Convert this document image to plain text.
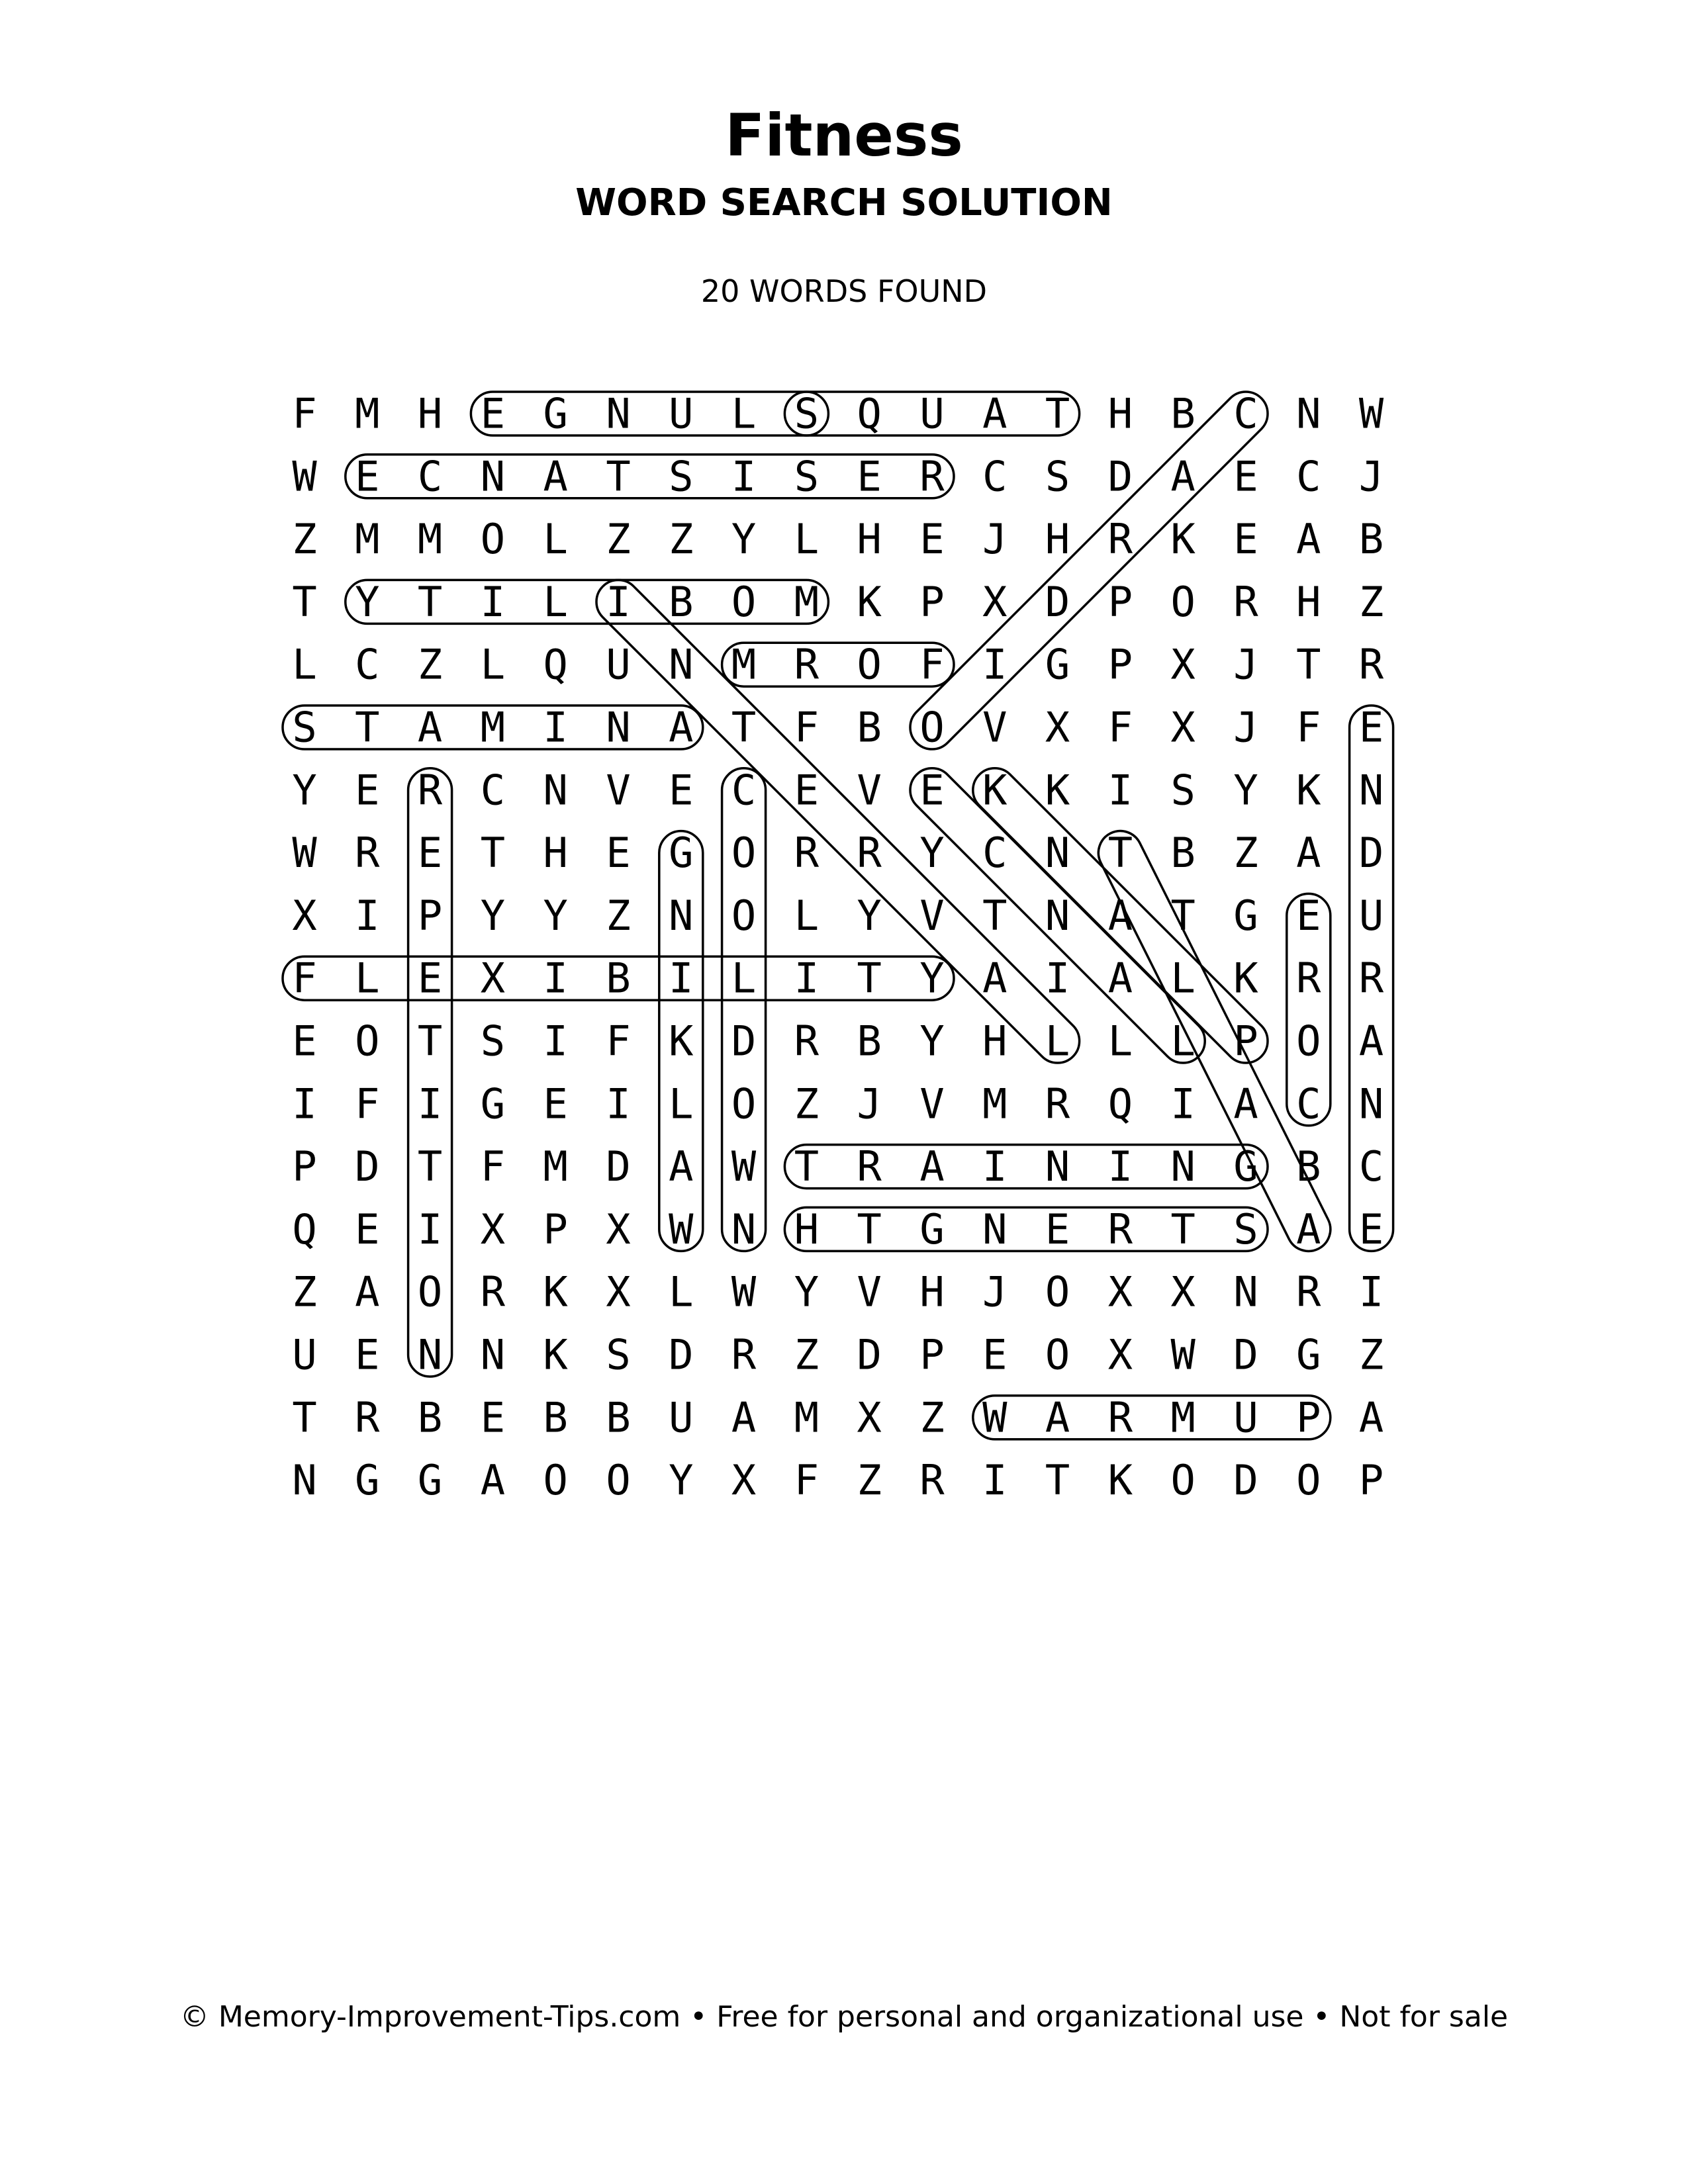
Fitness
WORD SEARCH SOLUTION
20 WORDS FOUND
F M H E G N U L S Q U A T H B C N W
W E C N A T S I S E R C S D A E C J
Z M M O L Z Z Y L H E J H R K E A B
T Y T I L I B O M K P X D P O R H Z
L C Z L Q U N M R O F I G P X J T R
S T A M I N A T F B O V X F X J F E
Y E R C N V E C E V E K K I S Y K N
W R E T H E G O R R Y C N T B Z A D
X I P Y Y Z N O L Y V T N A T G E U
F L E X I B I L I T Y A I A L K R R
E O T S I F K D R B Y H L L L P O A
I F I G E I L O Z J V M R Q I A C N
P D T F M D A W T R A I N I N G B C
Q E I X P X W N H T G N E R T S A E
Z A O R K X L W Y V H J O X X N R I
U E N N K S D R Z D P E O X W D G Z
T R B E B B U A M X Z W A R M U P A
N G G A O O Y X F Z R I T K O D O P
© Memory-Improvement-Tips.com • Free for personal and organizational use • Not for sale
